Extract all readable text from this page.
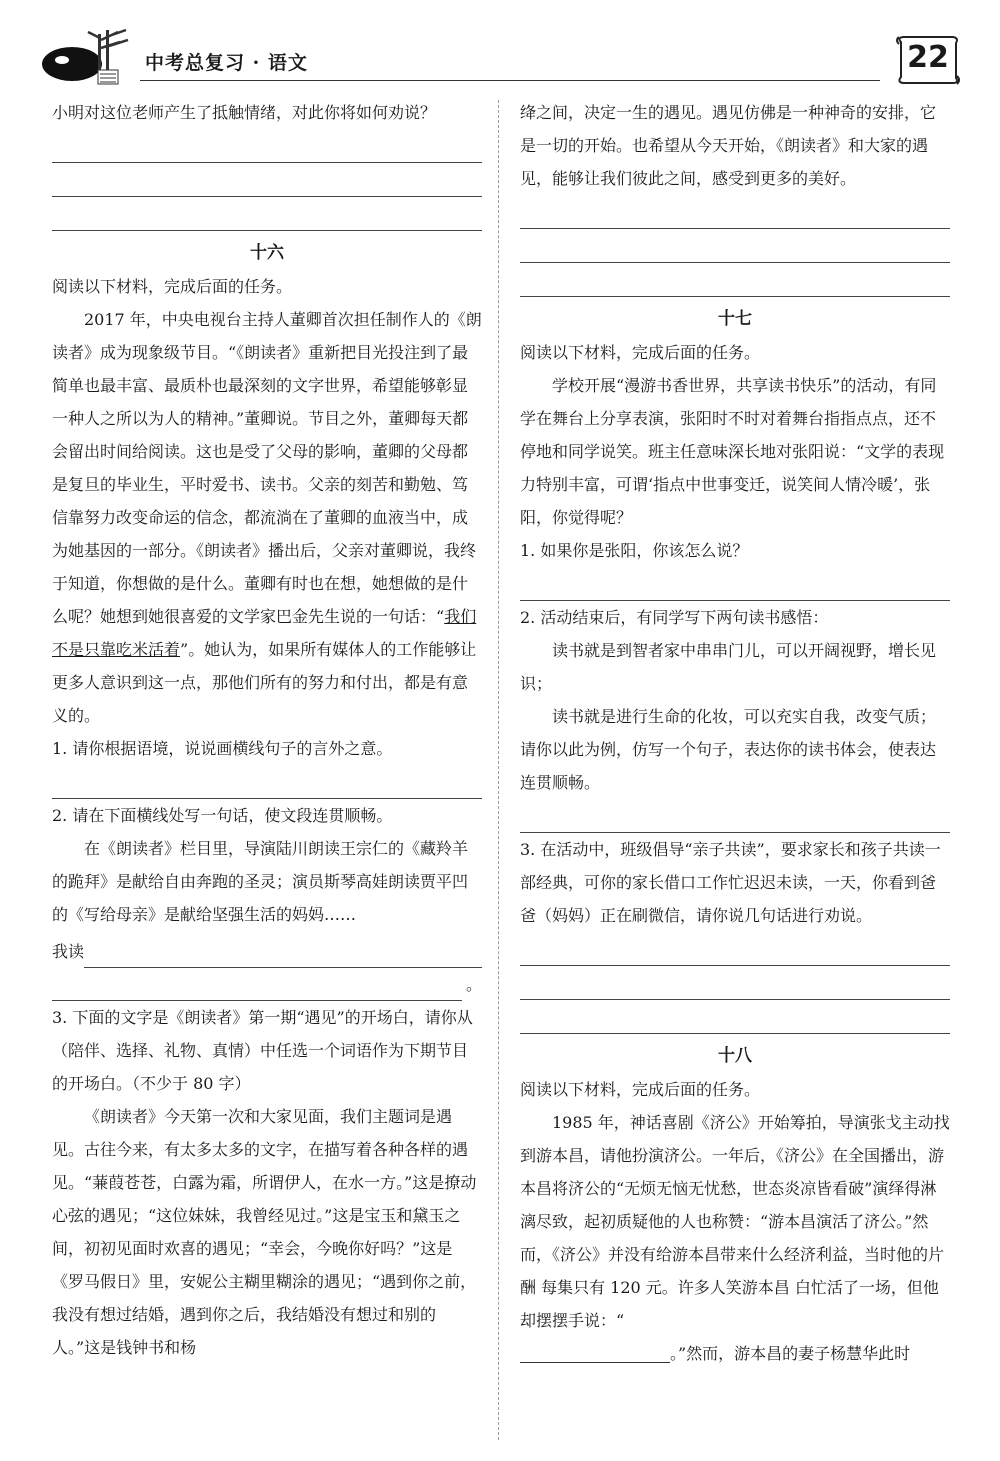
中考总复习 · 语文	22

小明对这位老师产生了抵触情绪，对此你将如何劝说？

十六

阅读以下材料，完成后面的任务。

2017 年，中央电视台主持人董卿首次担任制作人的《朗读者》成为现象级节目。“《朗读者》重新把目光投注到了最简单也最丰富、最质朴也最深刻的文字世界，希望能够彰显一种人之所以为人的精神。”董卿说。节目之外，董卿每天都会留出时间给阅读。这也是受了父母的影响，董卿的父母都是复旦的毕业生，平时爱书、读书。父亲的刻苦和勤勉、笃信靠努力改变命运的信念，都流淌在了董卿的血液当中，成为她基因的一部分。《朗读者》播出后，父亲对董卿说，我终于知道，你想做的是什么。董卿有时也在想，她想做的是什么呢？她想到她很喜爱的文学家巴金先生说的一句话：“我们不是只靠吃米活着”。她认为，如果所有媒体人的工作能够让更多人意识到这一点，那他们所有的努力和付出，都是有意义的。

1. 请你根据语境，说说画横线句子的言外之意。

2. 请在下面横线处写一句话，使文段连贯顺畅。

在《朗读者》栏目里，导演陆川朗读王宗仁的《藏羚羊的跪拜》是献给自由奔跑的圣灵；演员斯琴高娃朗读贾平凹的《写给母亲》是献给坚强生活的妈妈……

我读
。

3. 下面的文字是《朗读者》第一期“遇见”的开场白，请你从（陪伴、选择、礼物、真情）中任选一个词语作为下期节目的开场白。（不少于 80 字）

《朗读者》今天第一次和大家见面，我们主题词是遇见。古往今来，有太多太多的文字，在描写着各种各样的遇见。“蒹葭苍苍，白露为霜，所谓伊人，在水一方。”这是撩动心弦的遇见；“这位妹妹，我曾经见过。”这是宝玉和黛玉之间，初初见面时欢喜的遇见；“幸会，今晚你好吗？”这是《罗马假日》里，安妮公主糊里糊涂的遇见；“遇到你之前，我没有想过结婚，遇到你之后，我结婚没有想过和别的人。”这是钱钟书和杨

绛之间，决定一生的遇见。遇见仿佛是一种神奇的安排，它是一切的开始。也希望从今天开始，《朗读者》和大家的遇见，能够让我们彼此之间，感受到更多的美好。

十七

阅读以下材料，完成后面的任务。

学校开展“漫游书香世界，共享读书快乐”的活动，有同学在舞台上分享表演，张阳时不时对着舞台指指点点，还不停地和同学说笑。班主任意味深长地对张阳说：“文学的表现力特别丰富，可谓‘指点中世事变迁，说笑间人情冷暖’，张阳，你觉得呢？

1. 如果你是张阳，你该怎么说？

2. 活动结束后，有同学写下两句读书感悟：

读书就是到智者家中串串门儿，可以开阔视野，增长见识；

读书就是进行生命的化妆，可以充实自我，改变气质；

请你以此为例，仿写一个句子，表达你的读书体会，使表达连贯顺畅。

3. 在活动中，班级倡导“亲子共读”，要求家长和孩子共读一部经典，可你的家长借口工作忙迟迟未读，一天，你看到爸爸（妈妈）正在刷微信，请你说几句话进行劝说。

十八

阅读以下材料，完成后面的任务。

1985 年，神话喜剧《济公》开始筹拍，导演张戈主动找到游本昌，请他扮演济公。一年后，《济公》在全国播出，游本昌将济公的“无烦无恼无忧愁，世态炎凉皆看破”演绎得淋漓尽致，起初质疑他的人也称赞：“游本昌演活了济公。”然而，《济公》并没有给游本昌带来什么经济利益，当时他的片酬 每集只有 120 元。许多人笑游本昌 白忙活了一场，但他却摆摆手说：“

。”然而，游本昌的妻子杨慧华此时
